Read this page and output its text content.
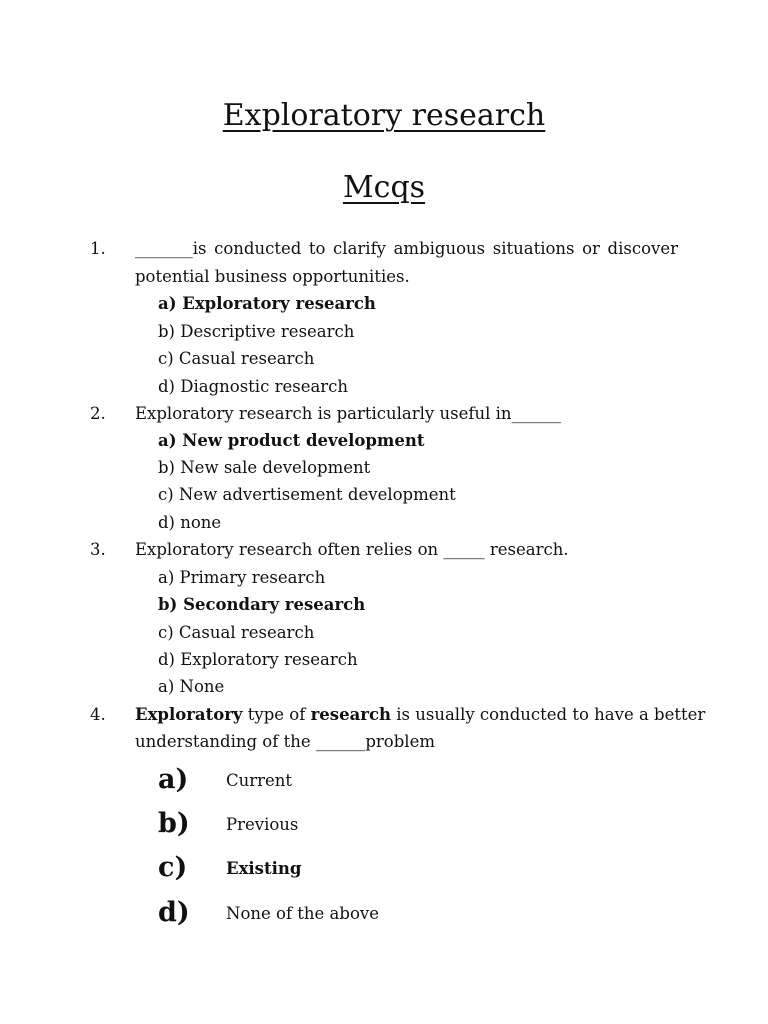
Exploratory research
Mcqs
1. _______is conducted to clarify ambiguous situations or discover
potential business opportunities.
a) Exploratory research
b) Descriptive research
c) Casual research
d) Diagnostic research
2. Exploratory research is particularly useful in______
a) New product development
b) New sale development
c) New advertisement development
d) none
3. Exploratory research often relies on _____ research.
a) Primary research
b) Secondary research
c) Casual research
d) Exploratory research
a) None
4. Exploratory type of research is usually conducted to have a better
understanding of the ______problem
a) Current
b) Previous
c) Existing
d) None of the above
